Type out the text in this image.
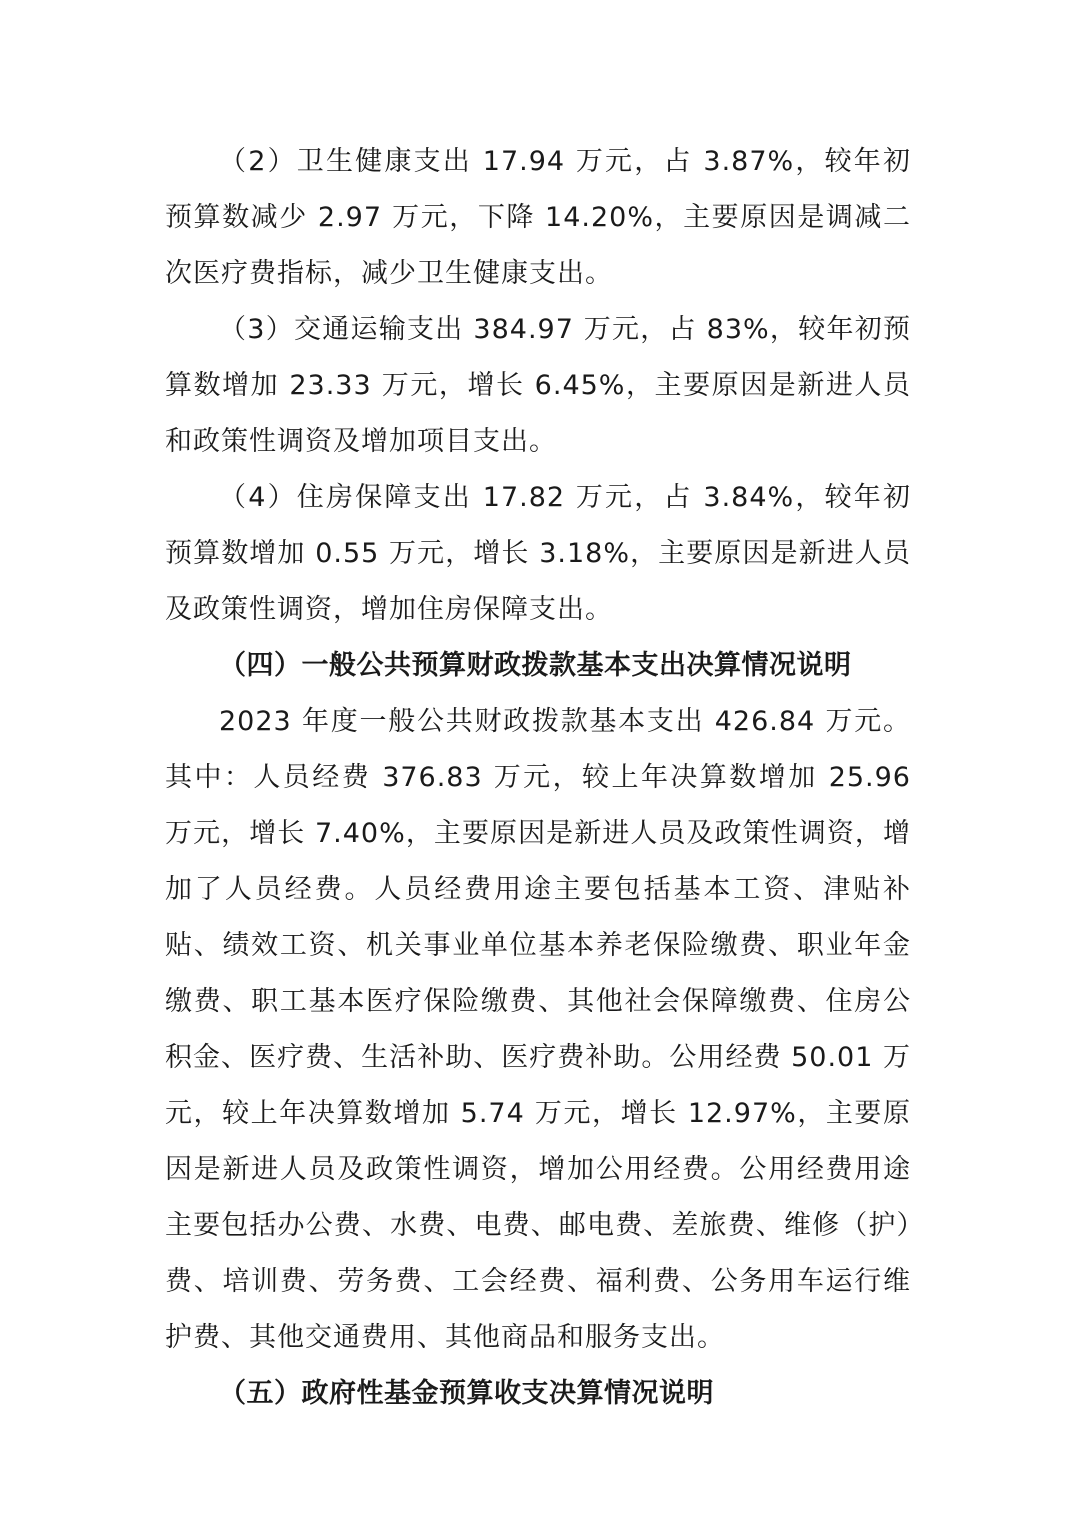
（2）卫生健康支出 17.94 万元，占 3.87%，较年初预算数减少 2.97 万元，下降 14.20%，主要原因是调减二次医疗费指标，减少卫生健康支出。

（3）交通运输支出 384.97 万元，占 83%，较年初预算数增加 23.33 万元，增长 6.45%，主要原因是新进人员和政策性调资及增加项目支出。

（4）住房保障支出 17.82 万元，占 3.84%，较年初预算数增加 0.55 万元，增长 3.18%，主要原因是新进人员及政策性调资，增加住房保障支出。

（四）一般公共预算财政拨款基本支出决算情况说明

2023 年度一般公共财政拨款基本支出 426.84 万元。其中：人员经费 376.83 万元，较上年决算数增加 25.96 万元，增长 7.40%，主要原因是新进人员及政策性调资，增加了人员经费。人员经费用途主要包括基本工资、津贴补贴、绩效工资、机关事业单位基本养老保险缴费、职业年金缴费、职工基本医疗保险缴费、其他社会保障缴费、住房公积金、医疗费、生活补助、医疗费补助。公用经费 50.01 万元，较上年决算数增加 5.74 万元，增长 12.97%，主要原因是新进人员及政策性调资，增加公用经费。公用经费用途主要包括办公费、水费、电费、邮电费、差旅费、维修（护）费、培训费、劳务费、工会经费、福利费、公务用车运行维护费、其他交通费用、其他商品和服务支出。

（五）政府性基金预算收支决算情况说明
